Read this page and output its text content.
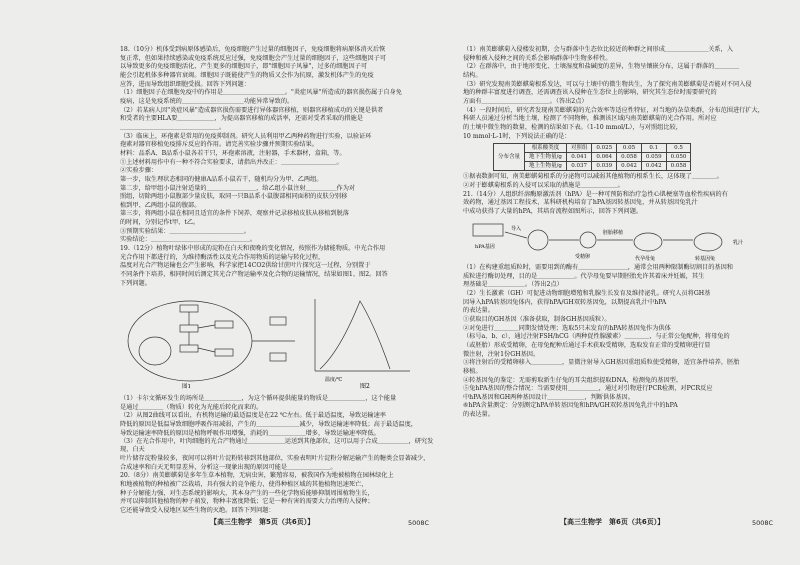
18.（10分）机体受到病原体感染后，免疫细胞产生过量的细胞因子，免疫细胞将病原体消灭后恢
复正常，但如果持续感染或免疫系统反应过强，免疫细胞会产生过量的细胞因子，这些细胞因子可
以导致更多的免疫细胞活化，产生更多的细胞因子，即"细胞因子风暴"，过多的细胞因子可
能会引起机体多种器官衰竭。细胞因子既能使产生的物质又会作为抗原，激发机体产生的免疫
应答，进而导致组织细胞受损。回答下列问题：
（1）细胞因子在细胞免疫中的作用是＿＿＿＿＿＿＿＿＿＿。"炎症风暴"所造成的器官损伤属于自身免
疫病，这是免疫系统的＿＿＿＿＿＿＿＿＿＿功能异常导致的。
（2）若某病人因"炎症风暴"造成器官损伤需要进行异体器官移植，则器官移植成功的关键是供者
和受者的主要HLA要＿＿＿＿＿＿，为提高器官移植的成活率，还需对受者采取的措施是
＿＿＿＿＿＿＿＿＿＿＿＿＿＿＿＿。
（3）临床上，环孢素是常用的免疫抑制剂。研究人员利用甲乙两种药物进行实验，以验证环
孢素对器官移植免疫排斥反应的作用。请完善实验步骤并预期实验结果。
材料：品系A、B品系小鼠各若干只，环孢素溶液，注射器，手术器材，盒箱，等。
①上述材料用作中有一种不符合实验要求，请指出并改正：＿＿＿＿＿＿＿＿＿。
②实验步骤：
第一步，取生理状态相同的健康A品系小鼠若干，随机均分为甲、乙两组。
第二步，给甲组小鼠注射适量的＿＿＿＿＿＿＿＿，给乙组小鼠注射＿＿＿＿＿作为对
照组，切除两组小鼠腹部少量皮肤，取同一只B品系小鼠腹部相同面积的皮肤分别移
植到甲、乙两组小鼠的腹部。
第三步，将两组小鼠在相同且适宜的条件下饲养，观察并记录移植皮肤从移植到脱落
的时间，分别记作t甲、t乙。
③预期实验结果：＿＿＿＿＿＿＿＿＿＿＿＿。
实验结论：＿＿＿＿＿＿＿＿＿＿＿＿＿＿＿＿。
19.（12分）植物叶绿体中形成的淀粉在白天和夜晚的变化情况，按照作为储能物质。中光合作用
光合作用下都进行的，为维持酶活性以及光合作用物质的运输与转化过程，
温度对光合产物运输也会产生影响，科学家把14CO2供给甘蔗叶片探究这一过程，分别置于
不同条件下培养，相同时间后测定其光合产物运输率及化合物的运输情况，结果如图1、图2。回答
下列问题。
图1
温度/℃
图2
（1）卡尔文循环发生的场所是＿＿＿＿＿＿，为这个循环提供能量的物质是＿＿＿＿＿＿，这个能量
是通过＿＿＿＿（物质）转化为光能后转化而来的。
（2）从图2曲线可以看出，有机物运输的最适温度是在22 ℃左右。低于最适温度，导致运输速率
降低的原因是低温导致细胞呼吸作用减弱，产生的＿＿＿＿＿＿＿减少，导致运输速率降低；高于最适温度，
导致运输速率降低的原因是植物呼吸作用增强，消耗的＿＿＿＿＿＿增多，导致运输速率降低。
（3）在光合作用中，叶肉细胞的光合产物通过＿＿＿＿＿＿运送到其他部位，这可以用于合成＿＿＿＿＿，研究发现，白天
叶片储存淀粉量较多，夜间可以将叶片淀粉转移到其他部位，实验表明叶片淀粉分解运输产生的糖类会显著减少，
合成速率和白天无明显差异，分析这一现象出现的原因可能是＿＿＿＿＿＿＿。
20.（8分）南美蟛蜞菊是多年生草本植物，无病虫害，繁殖容易，被我国作为地被植物在园林绿化上
和地被植物的种植被广泛栽培，具有强大的竞争能力，使得种植区域的其他植物迅速死亡，
种子分解能力强，对生态系统的影响大，其本身产生的一些化学物质能够抑制周围植物生长，
并可以抑制其他植物的种子萌发，物种丰富度降低；它是一种有害的需要大力治理的入侵种；
它还能导致受入侵地区某些生物的灭绝。回答下列问题：
（1）南美蟛蜞菊入侵楼发初期，会与群落中生态位比较近的种群之间形成＿＿＿＿＿＿＿关系，入
侵种和被入侵种之间的关系会影响群落中生物多样性。
（2）在群落中，由于地形变化、土壤湿度和盐碱度的差异，生物呈镶嵌分布，这属于群落的＿＿＿＿
结构。
（3）研究发现南美蟛蜞菊根系发达，可以与土壤中的微生物共生，为了探究南美蟛蜞菊是否能对不同入侵
地的种群丰富度进行调查，还需调查该入侵种在生态位上的影响，研究其生态位时需要研究的
方面有＿＿＿＿＿＿＿＿＿＿＿。（答出2点）
（4）一段时间后，研究者发现南美蟛蜞菊的光合效率等适应性特征，对当地的杂草类群，分布范围进行扩大，
科研人员通过分析当地土壤，检测了不同物种，推测该区域内南美蟛蜞菊的光合作用。所对应
的土壤中微生物的数量，检测的结果如下表。（1-10 mmol/L），与对照组比较，
10 mmol·L-1时，下列说法正确的是：
分布含量	根系酸类度	对照组	0.025	0.05	0.1	0.5
	地下生物量/g	0.041	0.064	0.058	0.059	0.050
	地上生物量/g	0.037	0.039	0.042	0.042	0.058
①据表数据可知，南美蟛蜞菊根系的分泌物可以减弱其他植物的根系生长，这体现了＿＿＿＿。
②对于蟛蜞菊根系的入侵可以采取的措施是＿＿＿＿＿＿。
21.（14分）人组织纤溶酶原激活剂（hPA）是一种可预防和治疗急性心肌梗塞等血栓性疾病的有
效药物，通过基因工程技术，某科研机构培育了hPA基因转基因兔，并从转基因兔乳汁
中成功获得了大量的hPA，其培育流程如图所示，回答下列问题。
hPA基因
导入
受精卵
胚胎移植
转基因兔
代孕母兔
乳汁
（1）在构建重组质粒时，需要用到的酶有＿＿＿＿＿＿＿＿，通常会用两种限制酶切割目的基因和
质粒进行酶切处理，目的是＿＿＿＿＿＿。代孕母兔要早期胚胎允许其着床并妊娠，其生
理基础是＿＿＿＿＿＿。（答出2点）
（2）生长激素（GH）可促进动物细胞增殖和乳腺生长发育及维持泌乳。研究人员将GH基
因导入hPA转基因兔体内，获得hPA/GH双转基因兔，以期提高乳汁中hPA
的表达量。
①获取目的GH基因（准备获取，制备GH基因质粒）。
②对兔进行＿＿＿＿同期发情处理；选取5只未发育的hPA转基因兔作为供体
（标号a、b、c），通过注射FSH/hCG（两种促性腺激素）＿＿＿＿，与正常公兔配种，将母兔的
（或胚胎）形成受精卵，在母兔配种后通过手术获取受精卵，选取发育正常的受精卵进行显
微注射，注射1份GH基因。
③将注射后的受精卵移入＿＿＿＿＿，显微注射导入GH基因重组质粒使受精卵，适宜条件培养，胚胎
移植。
④转基因兔的鉴定：无需剪取新生仔兔的耳尖组织提取DNA，检测兔的基因型。
⑤兔hPA基因的整合情况：当需要使用＿＿＿＿＿，通过对引物进行PCR检测，对PCR反应
中hPA基因和GH两种基因设计＿＿＿＿＿＿，判断供体基因。
⑥hPA含量测定：分别测定hPA单转基因兔和hPA/GH双转基因兔乳汁中的hPA
的表达量。
【高三生物学　第5页（共6页）】	5008C	【高三生物学　第6页（共6页）】	5008C
